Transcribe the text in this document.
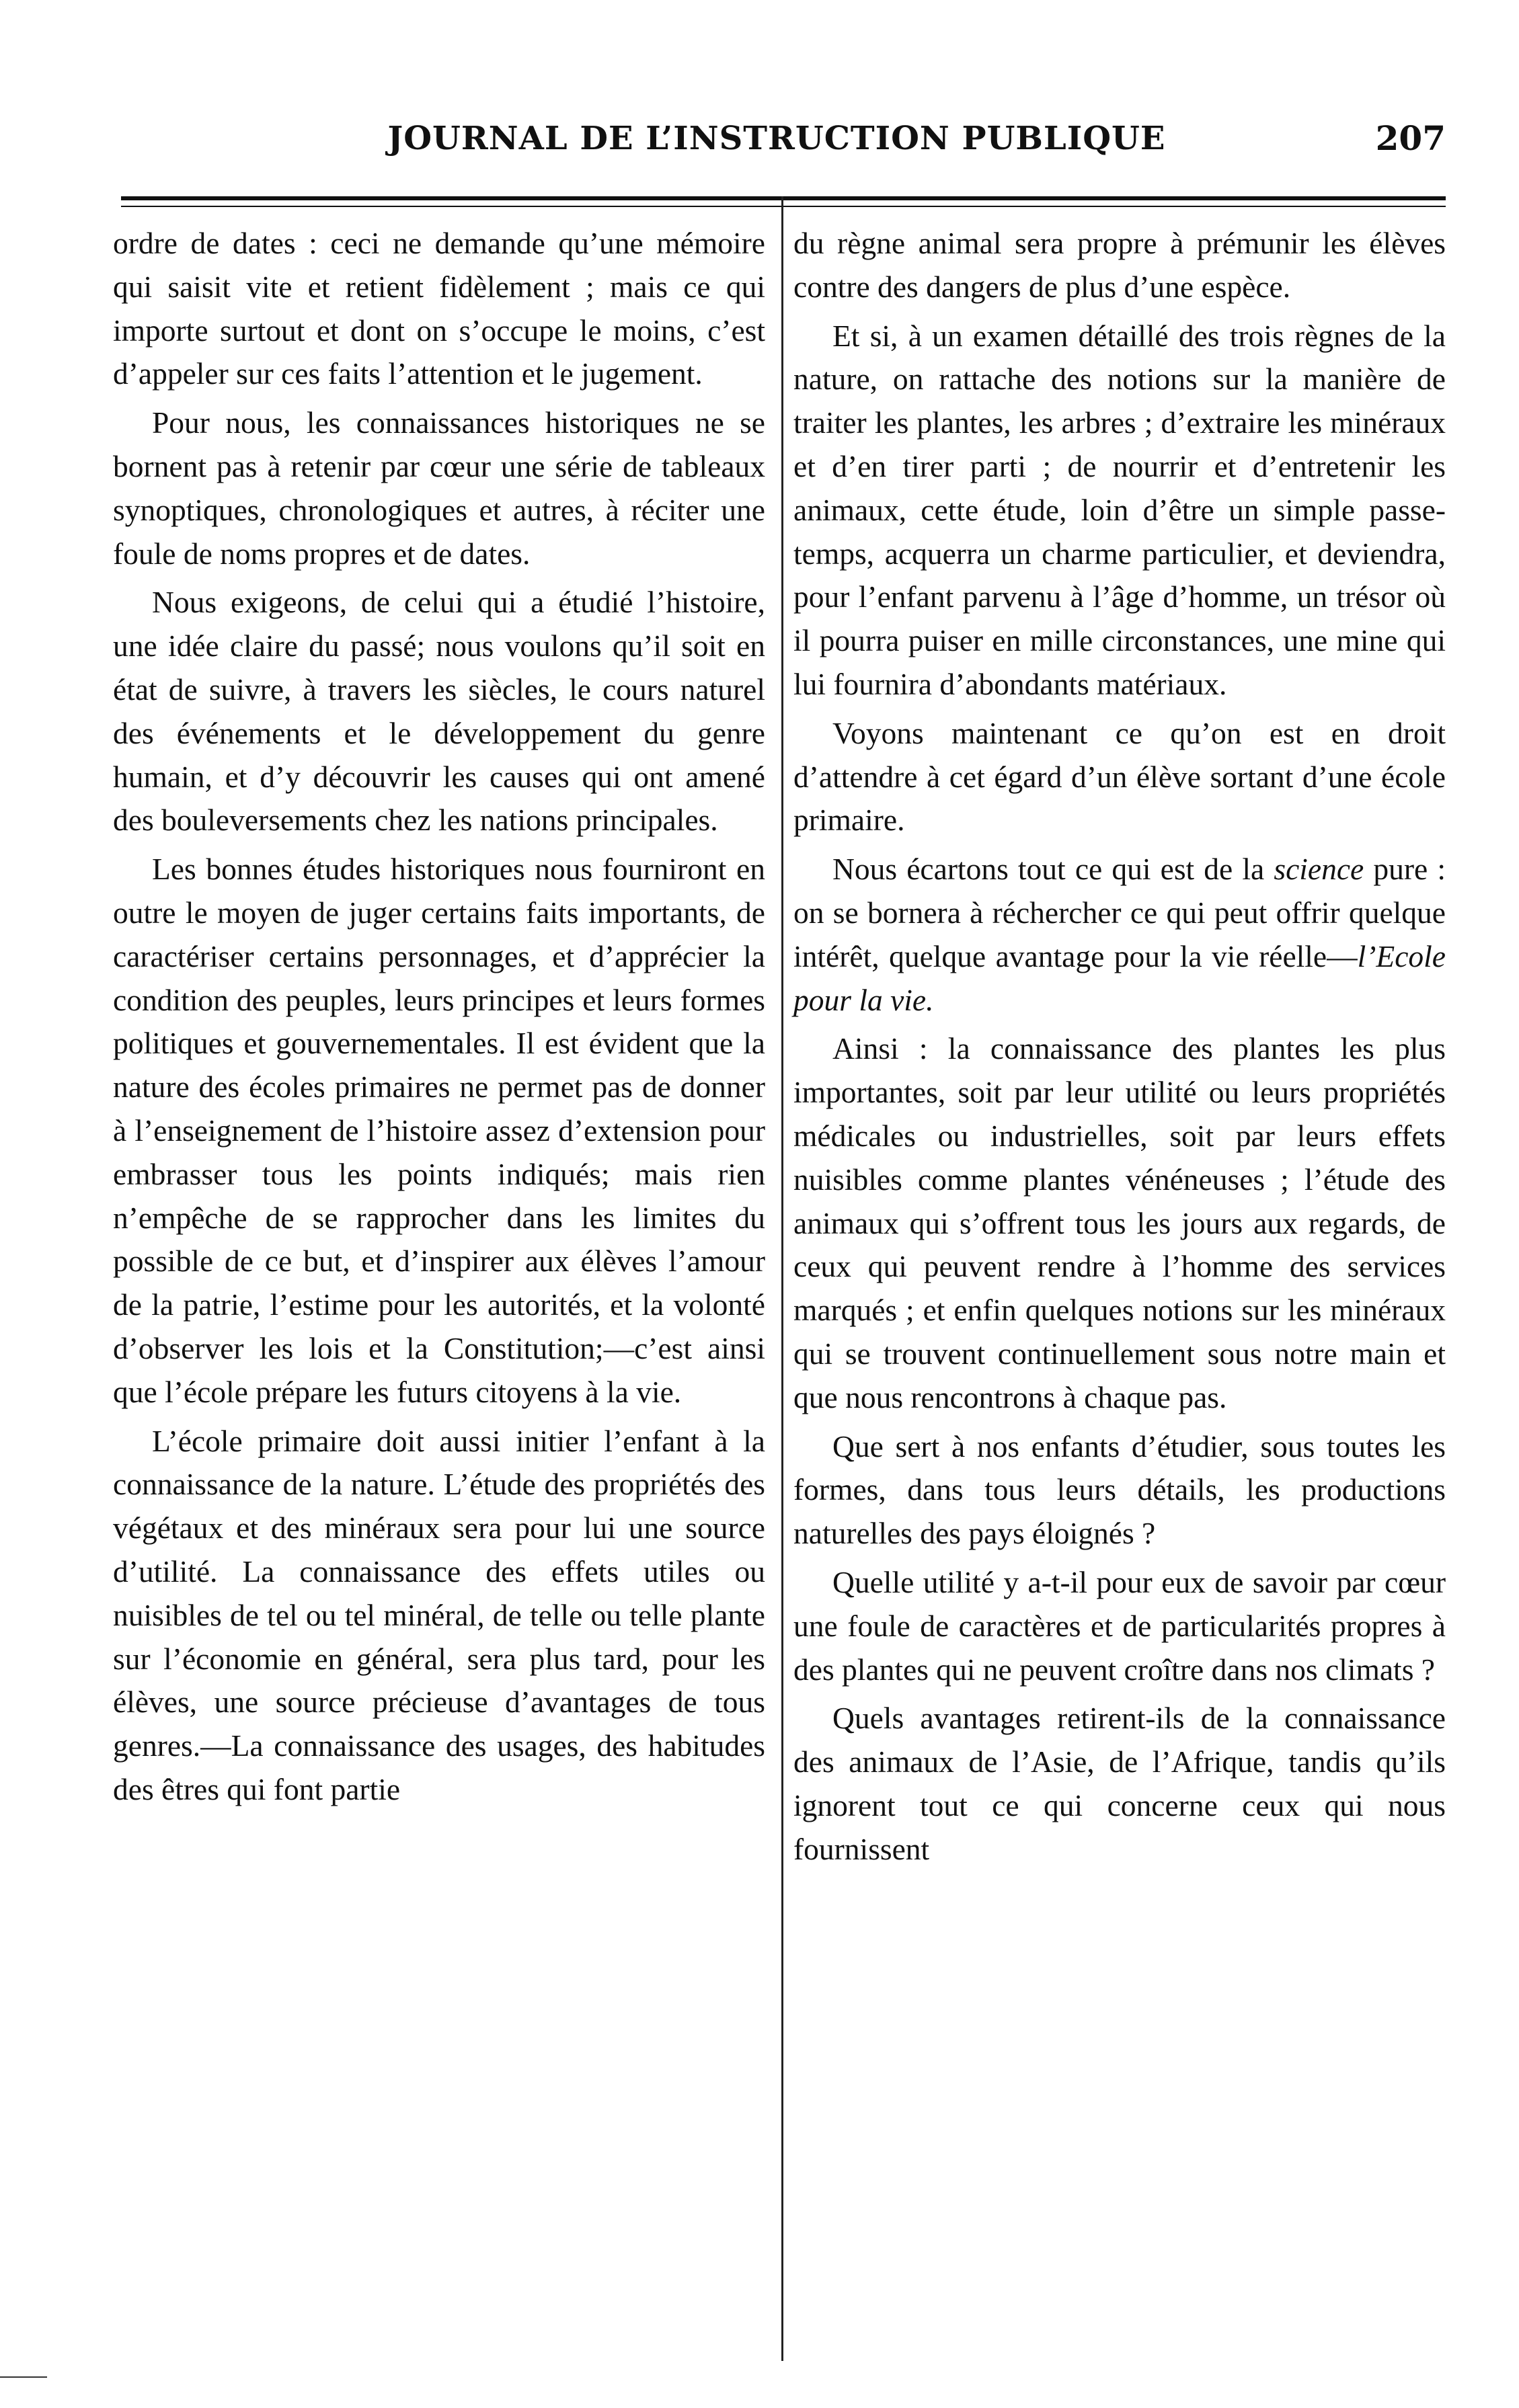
JOURNAL DE L’INSTRUCTION PUBLIQUE	207

ordre de dates : ceci ne demande qu’une mémoire qui saisit vite et retient fidèlement ; mais ce qui importe surtout et dont on s’occupe le moins, c’est d’appeler sur ces faits l’attention et le jugement.

Pour nous, les connaissances historiques ne se bornent pas à retenir par cœur une série de tableaux synoptiques, chronologiques et autres, à réciter une foule de noms propres et de dates.

Nous exigeons, de celui qui a étudié l’histoire, une idée claire du passé; nous voulons qu’il soit en état de suivre, à travers les siècles, le cours naturel des événements et le développement du genre humain, et d’y découvrir les causes qui ont amené des bouleversements chez les nations principales.

Les bonnes études historiques nous fourniront en outre le moyen de juger certains faits importants, de caractériser certains personnages, et d’apprécier la condition des peuples, leurs principes et leurs formes politiques et gouvernementales. Il est évident que la nature des écoles primaires ne permet pas de donner à l’enseignement de l’histoire assez d’extension pour embrasser tous les points indiqués; mais rien n’empêche de se rapprocher dans les limites du possible de ce but, et d’inspirer aux élèves l’amour de la patrie, l’estime pour les autorités, et la volonté d’observer les lois et la Constitution;—c’est ainsi que l’école prépare les futurs citoyens à la vie.

L’école primaire doit aussi initier l’enfant à la connaissance de la nature. L’étude des propriétés des végétaux et des minéraux sera pour lui une source d’utilité. La connaissance des effets utiles ou nuisibles de tel ou tel minéral, de telle ou telle plante sur l’économie en général, sera plus tard, pour les élèves, une source précieuse d’avantages de tous genres.—La connaissance des usages, des habitudes des êtres qui font partie

du règne animal sera propre à prémunir les élèves contre des dangers de plus d’une espèce.

Et si, à un examen détaillé des trois règnes de la nature, on rattache des notions sur la manière de traiter les plantes, les arbres ; d’extraire les minéraux et d’en tirer parti ; de nourrir et d’entretenir les animaux, cette étude, loin d’être un simple passe-temps, acquerra un charme particulier, et deviendra, pour l’enfant parvenu à l’âge d’homme, un trésor où il pourra puiser en mille circonstances, une mine qui lui fournira d’abondants matériaux.

Voyons maintenant ce qu’on est en droit d’attendre à cet égard d’un élève sortant d’une école primaire.

Nous écartons tout ce qui est de la science pure : on se bornera à réchercher ce qui peut offrir quelque intérêt, quelque avantage pour la vie réelle—l’Ecole pour la vie.

Ainsi : la connaissance des plantes les plus importantes, soit par leur utilité ou leurs propriétés médicales ou industrielles, soit par leurs effets nuisibles comme plantes vénéneuses ; l’étude des animaux qui s’offrent tous les jours aux regards, de ceux qui peuvent rendre à l’homme des services marqués ; et enfin quelques notions sur les minéraux qui se trouvent continuellement sous notre main et que nous rencontrons à chaque pas.

Que sert à nos enfants d’étudier, sous toutes les formes, dans tous leurs détails, les productions naturelles des pays éloignés ?

Quelle utilité y a-t-il pour eux de savoir par cœur une foule de caractères et de particularités propres à des plantes qui ne peuvent croître dans nos climats ?

Quels avantages retirent-ils de la connaissance des animaux de l’Asie, de l’Afrique, tandis qu’ils ignorent tout ce qui concerne ceux qui nous fournissent
